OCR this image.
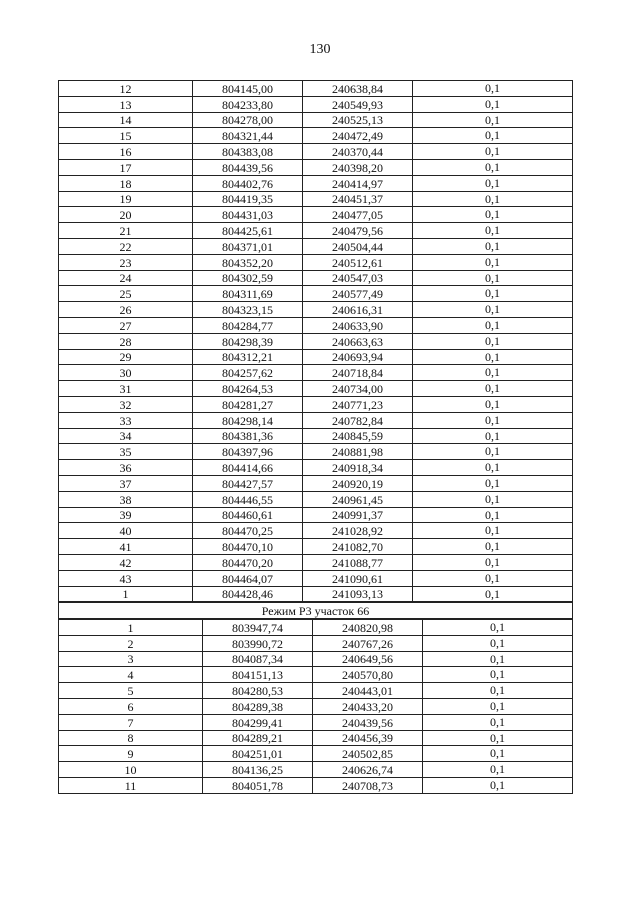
130
12	804145,00	240638,84	0,1
13	804233,80	240549,93	0,1
14	804278,00	240525,13	0,1
15	804321,44	240472,49	0,1
16	804383,08	240370,44	0,1
17	804439,56	240398,20	0,1
18	804402,76	240414,97	0,1
19	804419,35	240451,37	0,1
20	804431,03	240477,05	0,1
21	804425,61	240479,56	0,1
22	804371,01	240504,44	0,1
23	804352,20	240512,61	0,1
24	804302,59	240547,03	0,1
25	804311,69	240577,49	0,1
26	804323,15	240616,31	0,1
27	804284,77	240633,90	0,1
28	804298,39	240663,63	0,1
29	804312,21	240693,94	0,1
30	804257,62	240718,84	0,1
31	804264,53	240734,00	0,1
32	804281,27	240771,23	0,1
33	804298,14	240782,84	0,1
34	804381,36	240845,59	0,1
35	804397,96	240881,98	0,1
36	804414,66	240918,34	0,1
37	804427,57	240920,19	0,1
38	804446,55	240961,45	0,1
39	804460,61	240991,37	0,1
40	804470,25	241028,92	0,1
41	804470,10	241082,70	0,1
42	804470,20	241088,77	0,1
43	804464,07	241090,61	0,1
1	804428,46	241093,13	0,1
Режим Р3 участок 66
1	803947,74	240820,98	0,1
2	803990,72	240767,26	0,1
3	804087,34	240649,56	0,1
4	804151,13	240570,80	0,1
5	804280,53	240443,01	0,1
6	804289,38	240433,20	0,1
7	804299,41	240439,56	0,1
8	804289,21	240456,39	0,1
9	804251,01	240502,85	0,1
10	804136,25	240626,74	0,1
11	804051,78	240708,73	0,1
